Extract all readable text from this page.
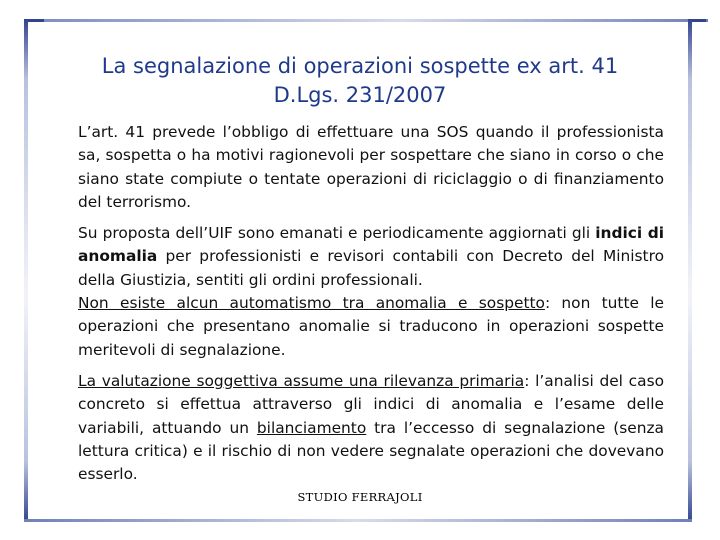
La segnalazione di operazioni sospette ex art. 41
D.Lgs. 231/2007

L’art. 41 prevede l’obbligo di effettuare una SOS quando il professionista sa, sospetta o ha motivi ragionevoli per sospettare che siano in corso o che siano state compiute o tentate operazioni di riciclaggio o di finanziamento del terrorismo.

Su proposta dell’UIF sono emanati e periodicamente aggiornati gli indici di anomalia per professionisti e revisori contabili con Decreto del Ministro della Giustizia, sentiti gli ordini professionali.

Non esiste alcun automatismo tra anomalia e sospetto: non tutte le operazioni che presentano anomalie si traducono in operazioni sospette meritevoli di segnalazione.

La valutazione soggettiva assume una rilevanza primaria: l’analisi del caso concreto si effettua attraverso gli indici di anomalia e l’esame delle variabili, attuando un bilanciamento tra l’eccesso di segnalazione (senza lettura critica) e il rischio di non vedere segnalate operazioni che dovevano esserlo.

STUDIO FERRAJOLI
